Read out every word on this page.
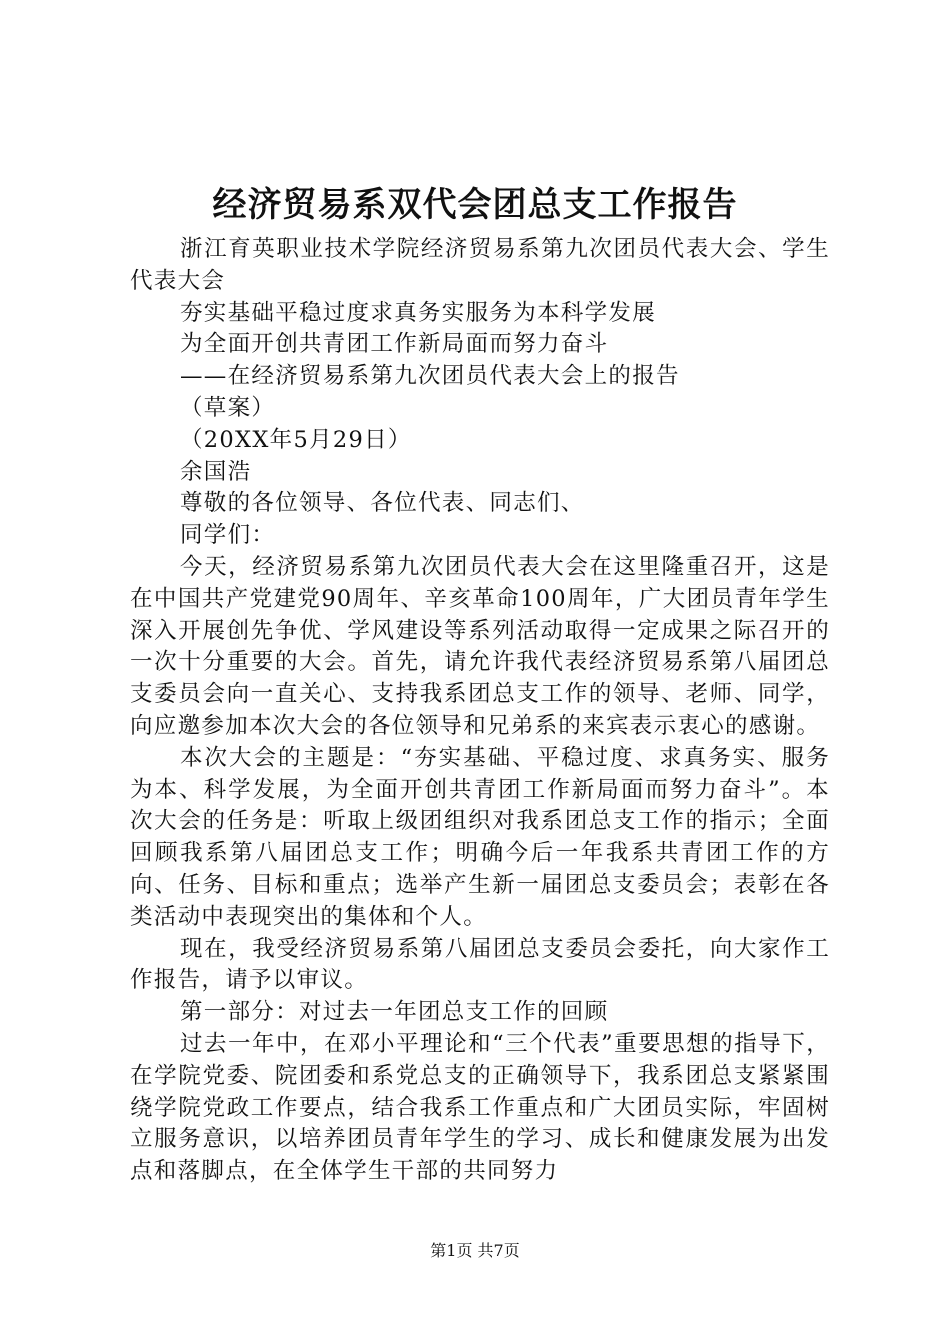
经济贸易系双代会团总支工作报告

浙江育英职业技术学院经济贸易系第九次团员代表大会、学生代表大会

夯实基础平稳过度求真务实服务为本科学发展

为全面开创共青团工作新局面而努力奋斗

——在经济贸易系第九次团员代表大会上的报告

（草案）

（20XX年5月29日）

余国浩

尊敬的各位领导、各位代表、同志们、

同学们：

今天，经济贸易系第九次团员代表大会在这里隆重召开，这是在中国共产党建党90周年、辛亥革命100周年，广大团员青年学生深入开展创先争优、学风建设等系列活动取得一定成果之际召开的一次十分重要的大会。首先，请允许我代表经济贸易系第八届团总支委员会向一直关心、支持我系团总支工作的领导、老师、同学，向应邀参加本次大会的各位领导和兄弟系的来宾表示衷心的感谢。

本次大会的主题是：“夯实基础、平稳过度、求真务实、服务为本、科学发展，为全面开创共青团工作新局面而努力奋斗”。本次大会的任务是：听取上级团组织对我系团总支工作的指示；全面回顾我系第八届团总支工作；明确今后一年我系共青团工作的方向、任务、目标和重点；选举产生新一届团总支委员会；表彰在各类活动中表现突出的集体和个人。

现在，我受经济贸易系第八届团总支委员会委托，向大家作工作报告，请予以审议。

第一部分：对过去一年团总支工作的回顾

过去一年中，在邓小平理论和“三个代表”重要思想的指导下，在学院党委、院团委和系党总支的正确领导下，我系团总支紧紧围绕学院党政工作要点，结合我系工作重点和广大团员实际，牢固树立服务意识，以培养团员青年学生的学习、成长和健康发展为出发点和落脚点，在全体学生干部的共同努力

第1页 共7页
